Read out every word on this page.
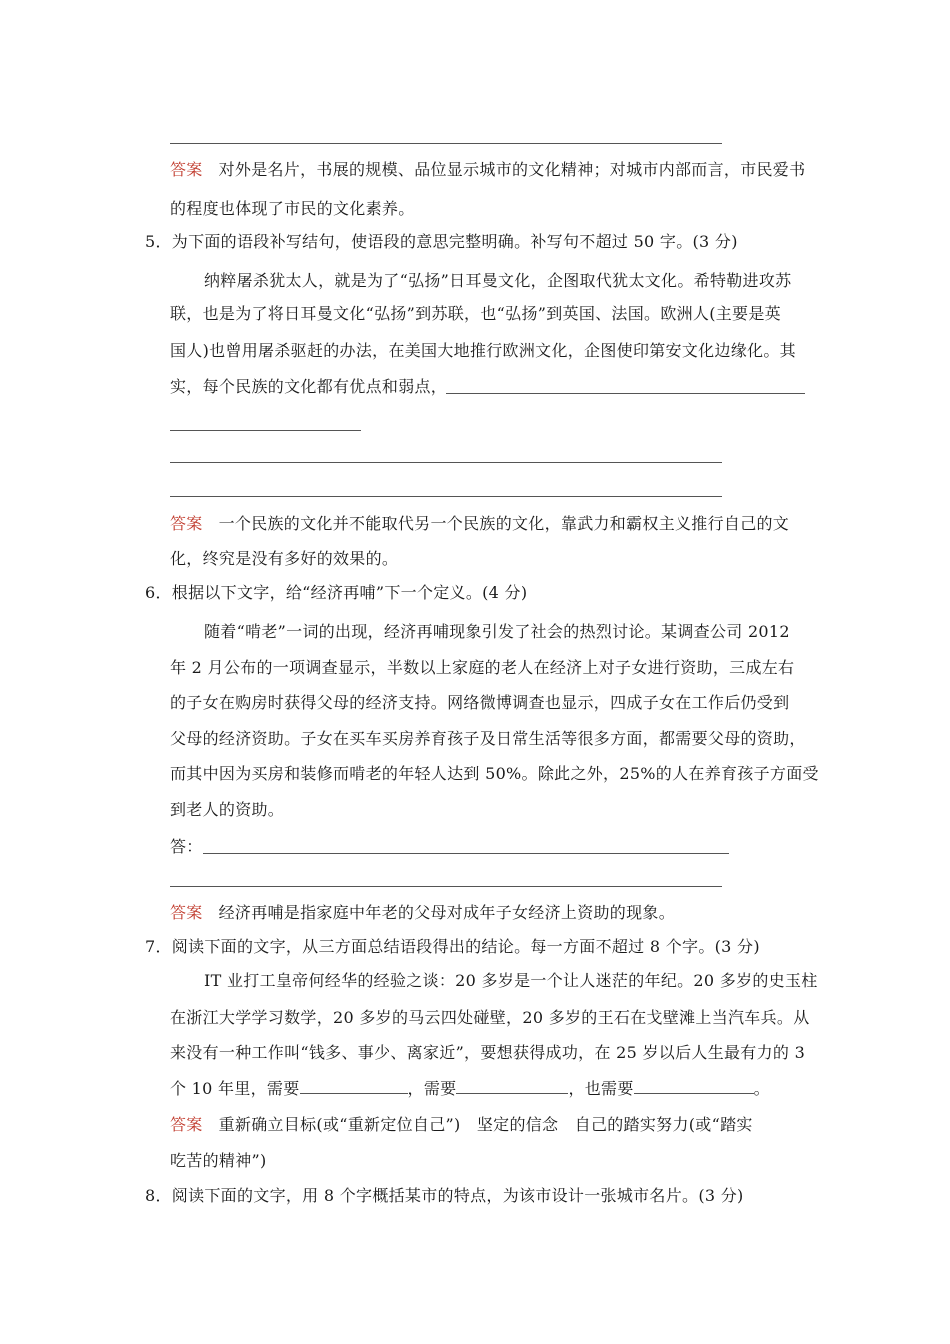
答案 对外是名片，书展的规模、品位显示城市的文化精神；对城市内部而言，市民爱书
的程度也体现了市民的文化素养。
5．为下面的语段补写结句，使语段的意思完整明确。补写句不超过 50 字。(3 分)
纳粹屠杀犹太人，就是为了“弘扬”日耳曼文化，企图取代犹太文化。希特勒进攻苏
联，也是为了将日耳曼文化“弘扬”到苏联，也“弘扬”到英国、法国。欧洲人(主要是英
国人)也曾用屠杀驱赶的办法，在美国大地推行欧洲文化，企图使印第安文化边缘化。其
实，每个民族的文化都有优点和弱点，
答案 一个民族的文化并不能取代另一个民族的文化，靠武力和霸权主义推行自己的文
化，终究是没有多好的效果的。
6．根据以下文字，给“经济再哺”下一个定义。(4 分)
随着“啃老”一词的出现，经济再哺现象引发了社会的热烈讨论。某调查公司 2012
年 2 月公布的一项调查显示，半数以上家庭的老人在经济上对子女进行资助，三成左右
的子女在购房时获得父母的经济支持。网络微博调查也显示，四成子女在工作后仍受到
父母的经济资助。子女在买车买房养育孩子及日常生活等很多方面，都需要父母的资助，
而其中因为买房和装修而啃老的年轻人达到 50%。除此之外，25%的人在养育孩子方面受
到老人的资助。
答：
答案 经济再哺是指家庭中年老的父母对成年子女经济上资助的现象。
7．阅读下面的文字，从三方面总结语段得出的结论。每一方面不超过 8 个字。(3 分)
IT 业打工皇帝何经华的经验之谈：20 多岁是一个让人迷茫的年纪。20 多岁的史玉柱
在浙江大学学习数学，20 多岁的马云四处碰壁，20 多岁的王石在戈壁滩上当汽车兵。从
来没有一种工作叫“钱多、事少、离家近”，要想获得成功，在 25 岁以后人生最有力的 3
个 10 年里，需要	，需要	，也需要	。
答案 重新确立目标(或“重新定位自己”)　坚定的信念　自己的踏实努力(或“踏实
吃苦的精神”)
8．阅读下面的文字，用 8 个字概括某市的特点，为该市设计一张城市名片。(3 分)
